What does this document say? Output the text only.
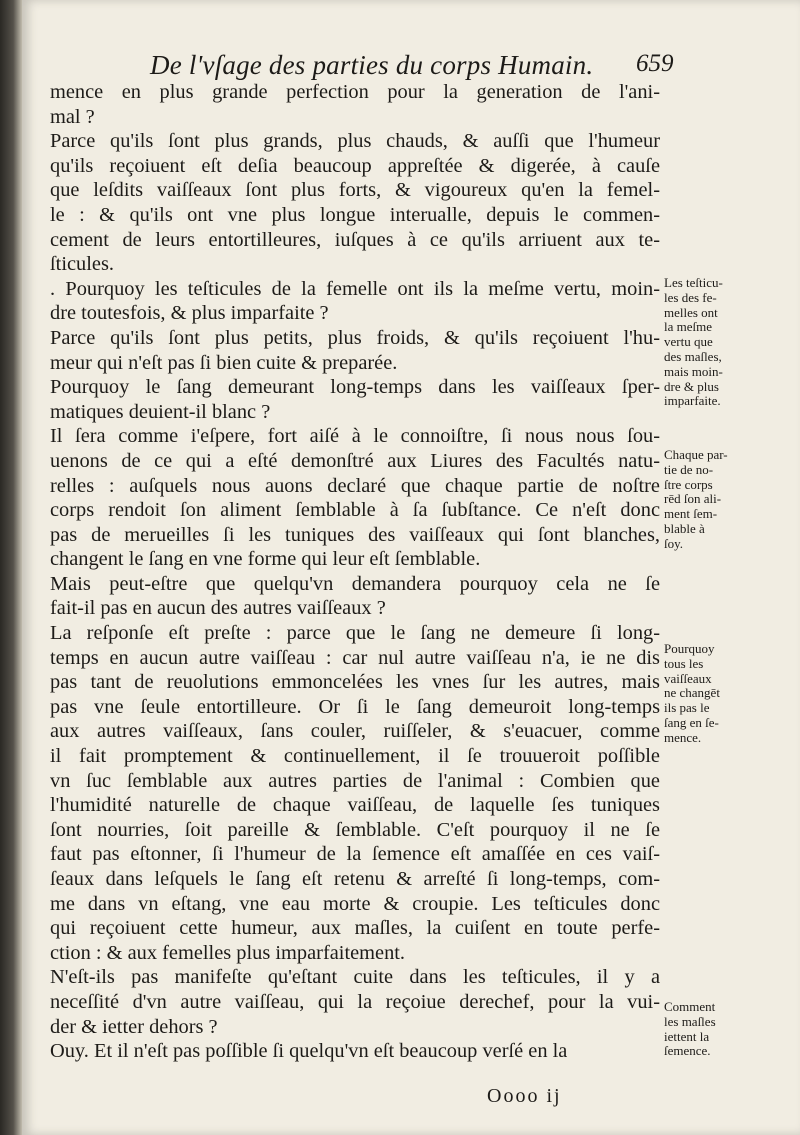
De l'vſage des parties du corps Humain. 659
mence en plus grande perfection pour la generation de l'ani-
mal ?
Parce qu'ils ſont plus grands, plus chauds, & auſſi que l'humeur
qu'ils reçoiuent eſt deſia beaucoup appreſtée & digerée, à cauſe
que leſdits vaiſſeaux ſont plus forts, & vigoureux qu'en la femel-
le : & qu'ils ont vne plus longue interualle, depuis le commen-
cement de leurs entortilleures, iuſques à ce qu'ils arriuent aux te-
ſticules.
. Pourquoy les teſticules de la femelle ont ils la meſme vertu, moin-
dre toutesfois, & plus imparfaite ?
Parce qu'ils ſont plus petits, plus froids, & qu'ils reçoiuent l'hu-
meur qui n'eſt pas ſi bien cuite & preparée.
Pourquoy le ſang demeurant long-temps dans les vaiſſeaux ſper-
matiques deuient-il blanc ?
Il ſera comme i'eſpere, fort aiſé à le connoiſtre, ſi nous nous ſou-
uenons de ce qui a eſté demonſtré aux Liures des Facultés natu-
relles : auſquels nous auons declaré que chaque partie de noſtre
corps rendoit ſon aliment ſemblable à ſa ſubſtance. Ce n'eſt donc
pas de merueilles ſi les tuniques des vaiſſeaux qui ſont blanches,
changent le ſang en vne forme qui leur eſt ſemblable.
Mais peut-eſtre que quelqu'vn demandera pourquoy cela ne ſe
fait-il pas en aucun des autres vaiſſeaux ?
La reſponſe eſt preſte : parce que le ſang ne demeure ſi long-
temps en aucun autre vaiſſeau : car nul autre vaiſſeau n'a, ie ne dis
pas tant de reuolutions emmoncelées les vnes ſur les autres, mais
pas vne ſeule entortilleure. Or ſi le ſang demeuroit long-temps
aux autres vaiſſeaux, ſans couler, ruiſſeler, & s'euacuer, comme
il fait promptement & continuellement, il ſe trouueroit poſſible
vn ſuc ſemblable aux autres parties de l'animal : Combien que
l'humidité naturelle de chaque vaiſſeau, de laquelle ſes tuniques
ſont nourries, ſoit pareille & ſemblable. C'eſt pourquoy il ne ſe
faut pas eſtonner, ſi l'humeur de la ſemence eſt amaſſée en ces vaiſ-
ſeaux dans leſquels le ſang eſt retenu & arreſté ſi long-temps, com-
me dans vn eſtang, vne eau morte & croupie. Les teſticules donc
qui reçoiuent cette humeur, aux maſles, la cuiſent en toute perfe-
ction : & aux femelles plus imparfaitement.
N'eſt-ils pas manifeſte qu'eſtant cuite dans les teſticules, il y a
neceſſité d'vn autre vaiſſeau, qui la reçoiue derechef, pour la vui-
der & ietter dehors ?
Ouy. Et il n'eſt pas poſſible ſi quelqu'vn eſt beaucoup verſé en la
Les teſticu-
les des fe-
melles ont
la meſme
vertu que
des maſles,
mais moin-
dre & plus
imparfaite.
Chaque par-
tie de no-
ſtre corps
rēd ſon ali-
ment ſem-
blable à
ſoy.
Pourquoy
tous les
vaiſſeaux
ne changēt
ils pas le
ſang en ſe-
mence.
Comment
les maſles
iettent la
ſemence.
Oooo ij
